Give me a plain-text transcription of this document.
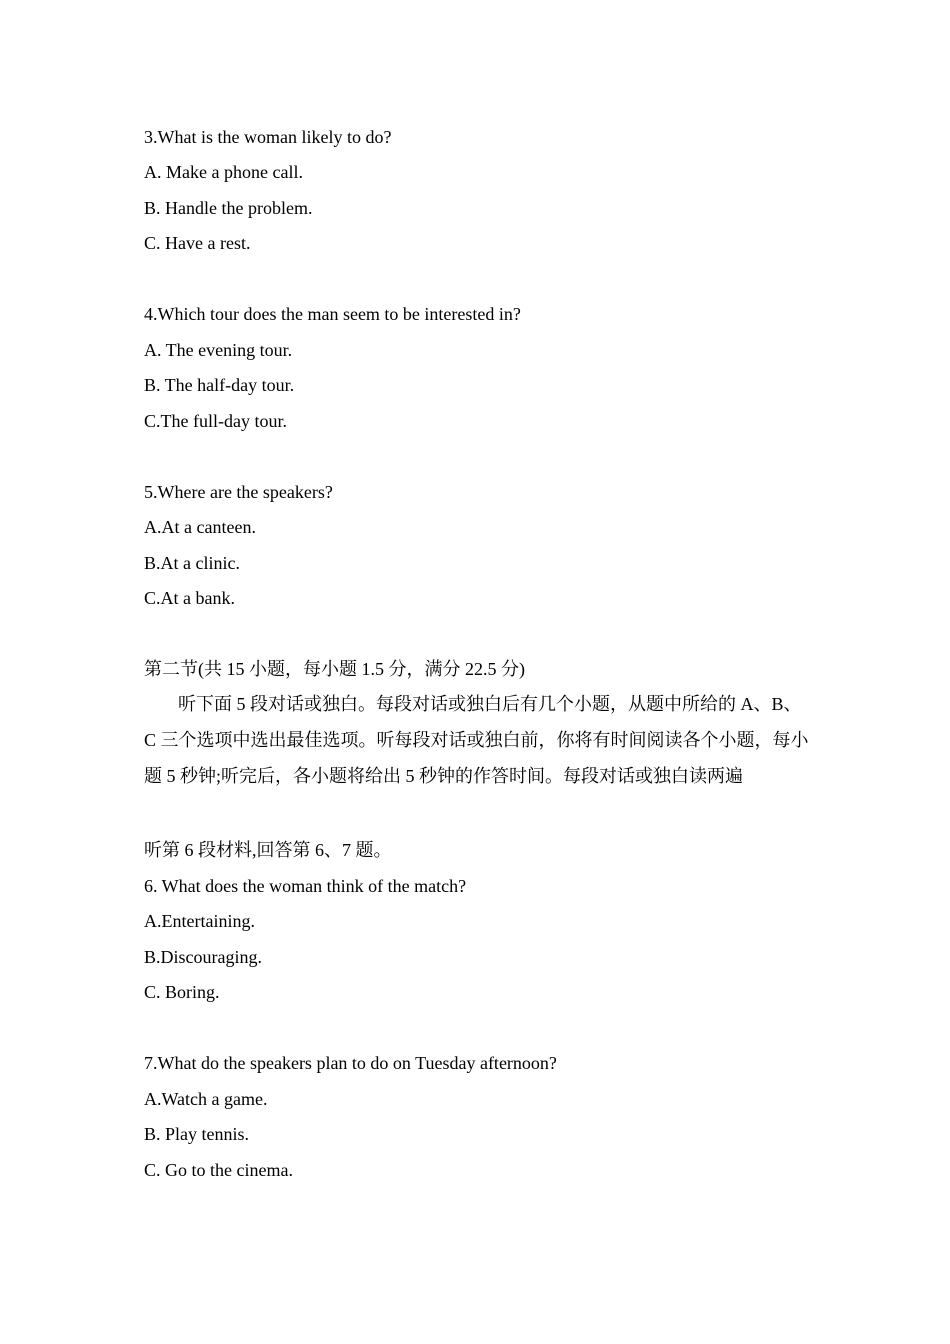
3.What is the woman likely to do?
A. Make a phone call.
B. Handle the problem.
C. Have a rest.
4.Which tour does the man seem to be interested in?
A. The evening tour.
B. The half-day tour.
C.The full-day tour.
5.Where are the speakers?
A.At a canteen.
B.At a clinic.
C.At a bank.
第二节(共 15 小题，每小题 1.5 分，满分 22.5 分)
听下面 5 段对话或独白。每段对话或独白后有几个小题，从题中所给的 A、B、C 三个选项中选出最佳选项。听每段对话或独白前，你将有时间阅读各个小题，每小题 5 秒钟;听完后，各小题将给出 5 秒钟的作答时间。每段对话或独白读两遍
听第 6 段材料,回答第 6、7 题。
6. What does the woman think of the match?
A.Entertaining.
B.Discouraging.
C. Boring.
7.What do the speakers plan to do on Tuesday afternoon?
A.Watch a game.
B. Play tennis.
C. Go to the cinema.
